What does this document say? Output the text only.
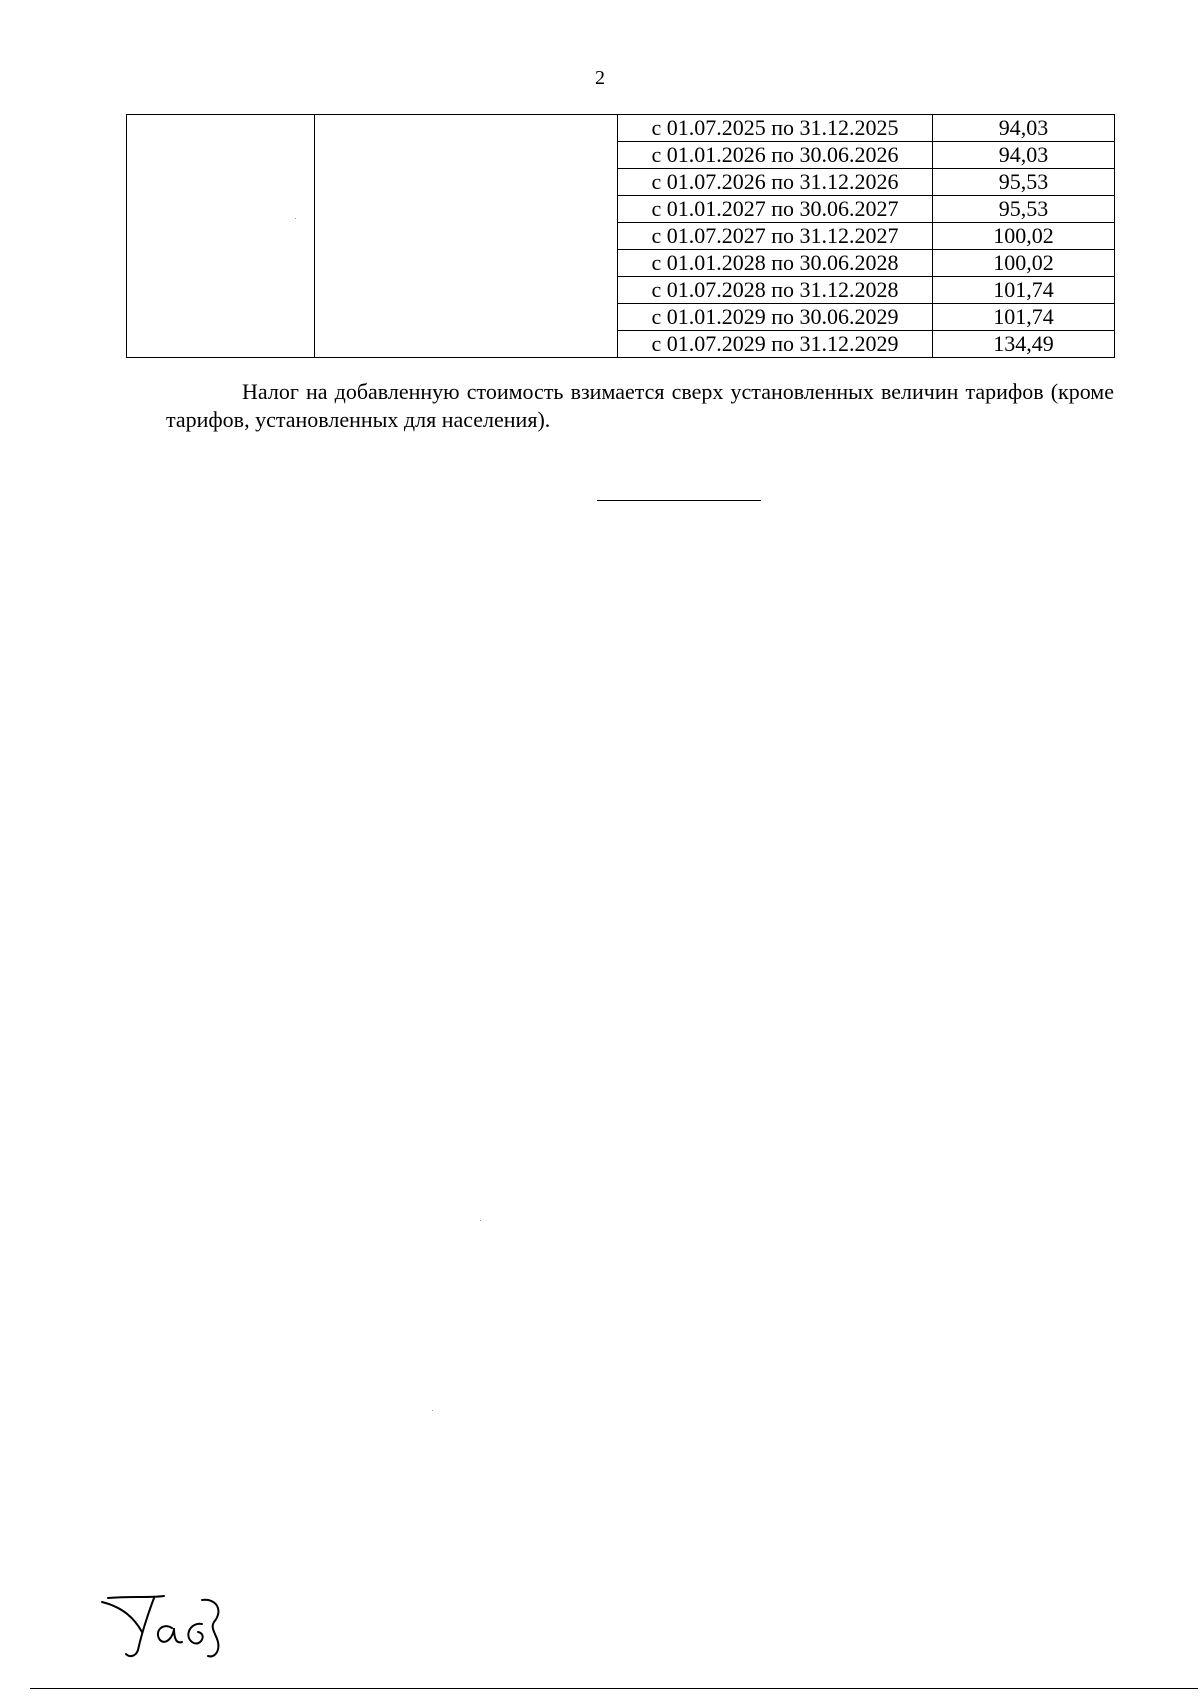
2
		с 01.07.2025 по 31.12.2025	94,03
		с 01.01.2026 по 30.06.2026	94,03
		с 01.07.2026 по 31.12.2026	95,53
		с 01.01.2027 по 30.06.2027	95,53
		с 01.07.2027 по 31.12.2027	100,02
		с 01.01.2028 по 30.06.2028	100,02
		с 01.07.2028 по 31.12.2028	101,74
		с 01.01.2029 по 30.06.2029	101,74
		с 01.07.2029 по 31.12.2029	134,49

Налог на добавленную стоимость взимается сверх установленных величин тарифов (кроме тарифов, установленных для населения).
